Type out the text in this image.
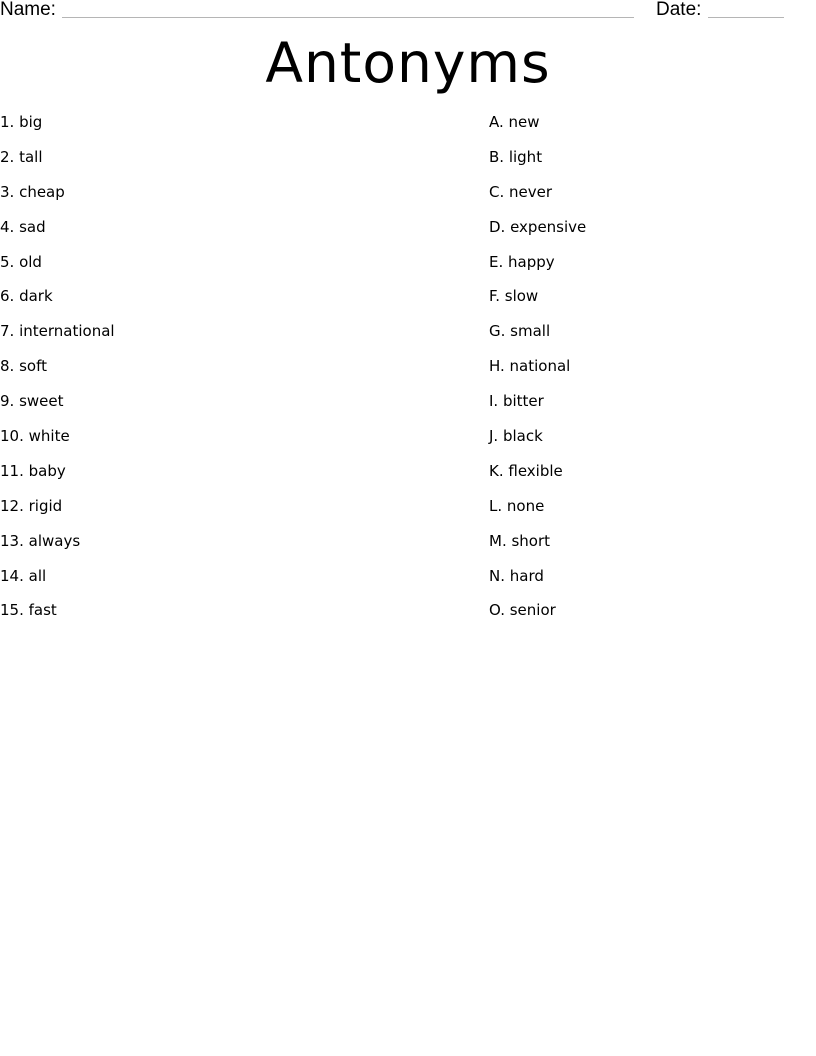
Name:	Date:
Antonyms
1. big
2. tall
3. cheap
4. sad
5. old
6. dark
7. international
8. soft
9. sweet
10. white
11. baby
12. rigid
13. always
14. all
15. fast
A. new
B. light
C. never
D. expensive
E. happy
F. slow
G. small
H. national
I. bitter
J. black
K. flexible
L. none
M. short
N. hard
O. senior
